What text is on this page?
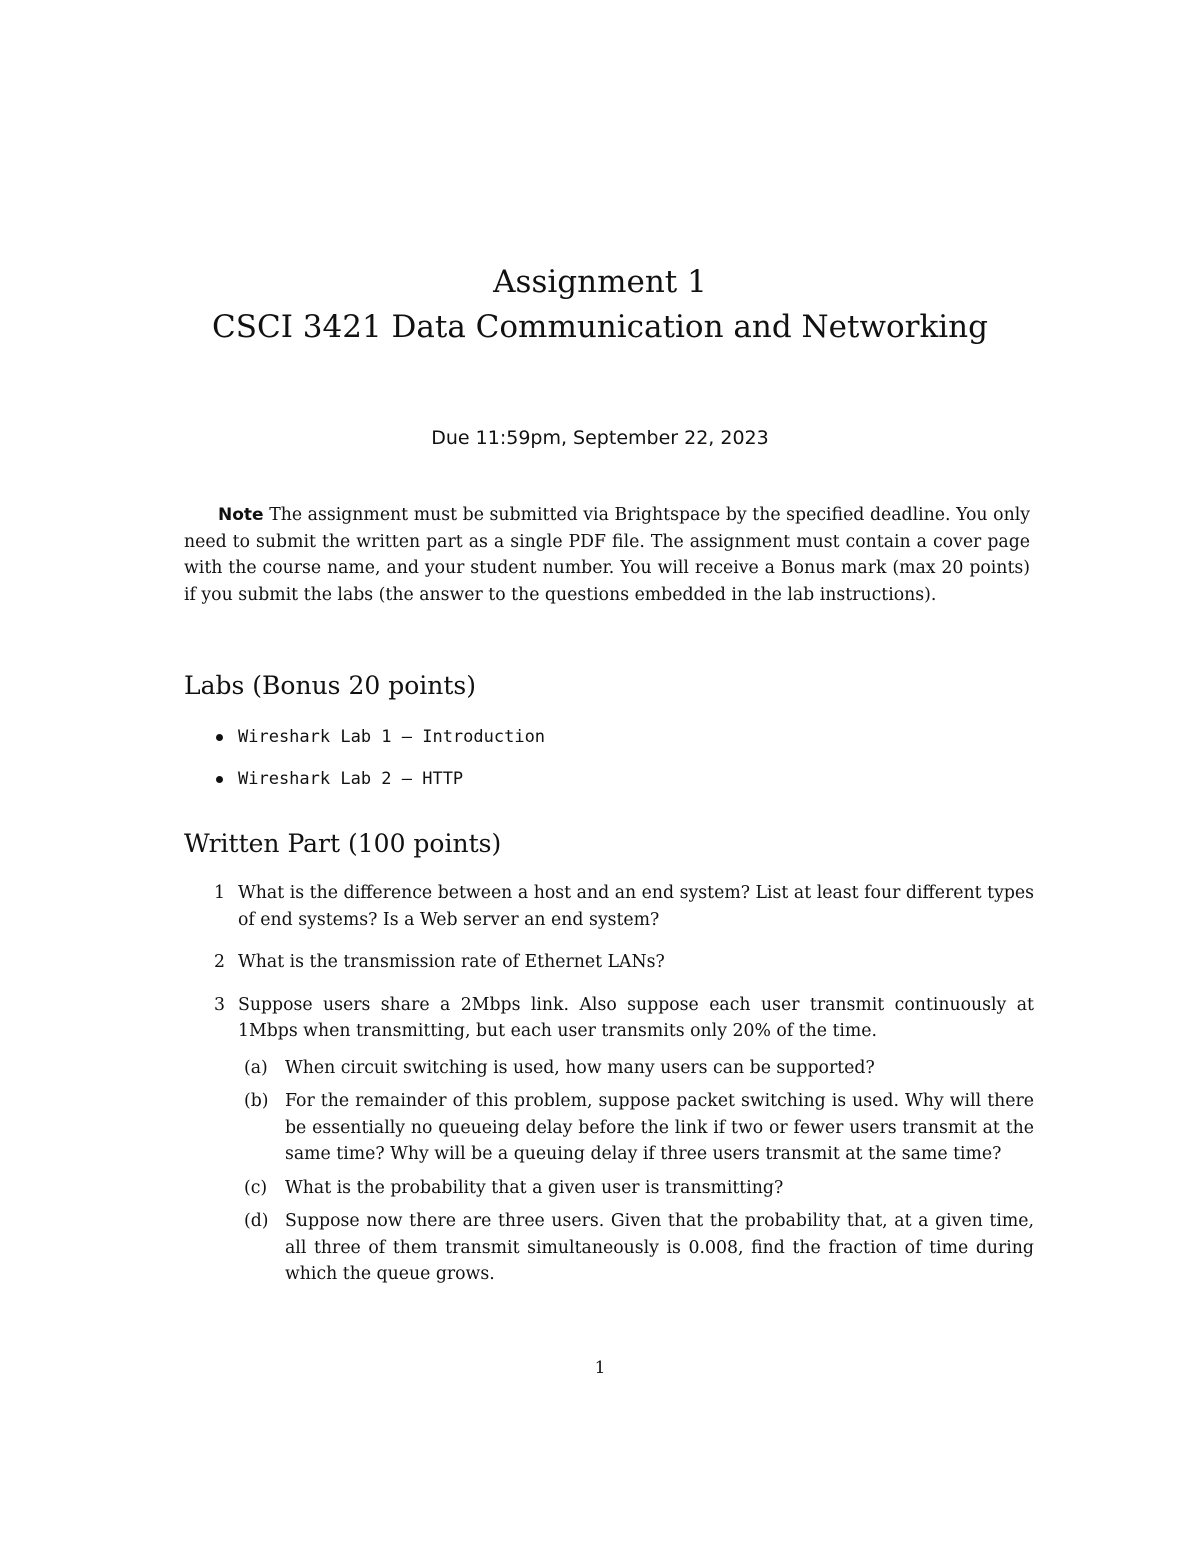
Assignment 1
CSCI 3421 Data Communication and Networking
Due 11:59pm, September 22, 2023

Note The assignment must be submitted via Brightspace by the specified deadline. You only need to submit the written part as a single PDF file. The assignment must contain a cover page with the course name, and your student number. You will receive a Bonus mark (max 20 points) if you submit the labs (the answer to the questions embedded in the lab instructions).

Labs (Bonus 20 points)
Wireshark Lab 1 — Introduction
Wireshark Lab 2 — HTTP
Written Part (100 points)
1 What is the difference between a host and an end system? List at least four different types of end systems? Is a Web server an end system?
2 What is the transmission rate of Ethernet LANs?
3 Suppose users share a 2Mbps link. Also suppose each user transmit continuously at 1Mbps when transmitting, but each user transmits only 20% of the time.
(a) When circuit switching is used, how many users can be supported?
(b) For the remainder of this problem, suppose packet switching is used. Why will there be essentially no queueing delay before the link if two or fewer users transmit at the same time? Why will be a queuing delay if three users transmit at the same time?
(c) What is the probability that a given user is transmitting?
(d) Suppose now there are three users. Given that the probability that, at a given time, all three of them transmit simultaneously is 0.008, find the fraction of time during which the queue grows.
1
